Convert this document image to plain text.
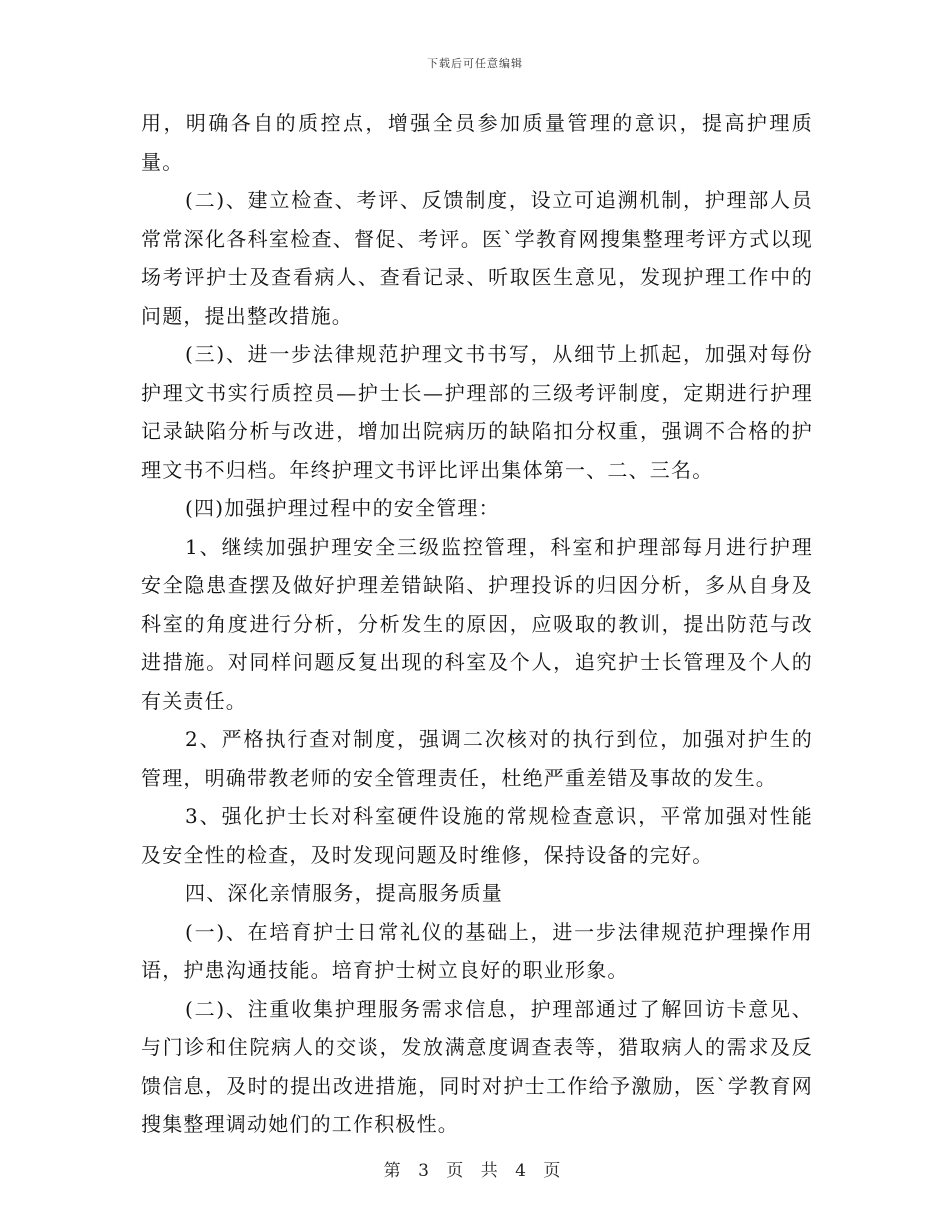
下载后可任意编辑

用，明确各自的质控点，增强全员参加质量管理的意识，提高护理质量。

(二)、建立检查、考评、反馈制度，设立可追溯机制，护理部人员常常深化各科室检查、督促、考评。医`学教育网搜集整理考评方式以现场考评护士及查看病人、查看记录、听取医生意见，发现护理工作中的问题，提出整改措施。

(三)、进一步法律规范护理文书书写，从细节上抓起，加强对每份护理文书实行质控员—护士长—护理部的三级考评制度，定期进行护理记录缺陷分析与改进，增加出院病历的缺陷扣分权重，强调不合格的护理文书不归档。年终护理文书评比评出集体第一、二、三名。

(四)加强护理过程中的安全管理：

1、继续加强护理安全三级监控管理，科室和护理部每月进行护理安全隐患查摆及做好护理差错缺陷、护理投诉的归因分析，多从自身及科室的角度进行分析，分析发生的原因，应吸取的教训，提出防范与改进措施。对同样问题反复出现的科室及个人，追究护士长管理及个人的有关责任。

2、严格执行查对制度，强调二次核对的执行到位，加强对护生的管理，明确带教老师的安全管理责任，杜绝严重差错及事故的发生。

3、强化护士长对科室硬件设施的常规检查意识，平常加强对性能及安全性的检查，及时发现问题及时维修，保持设备的完好。

四、深化亲情服务，提高服务质量

(一)、在培育护士日常礼仪的基础上，进一步法律规范护理操作用语，护患沟通技能。培育护士树立良好的职业形象。

(二)、注重收集护理服务需求信息，护理部通过了解回访卡意见、与门诊和住院病人的交谈，发放满意度调查表等，猎取病人的需求及反馈信息，及时的提出改进措施，同时对护士工作给予激励，医`学教育网搜集整理调动她们的工作积极性。

第 3 页 共 4 页
